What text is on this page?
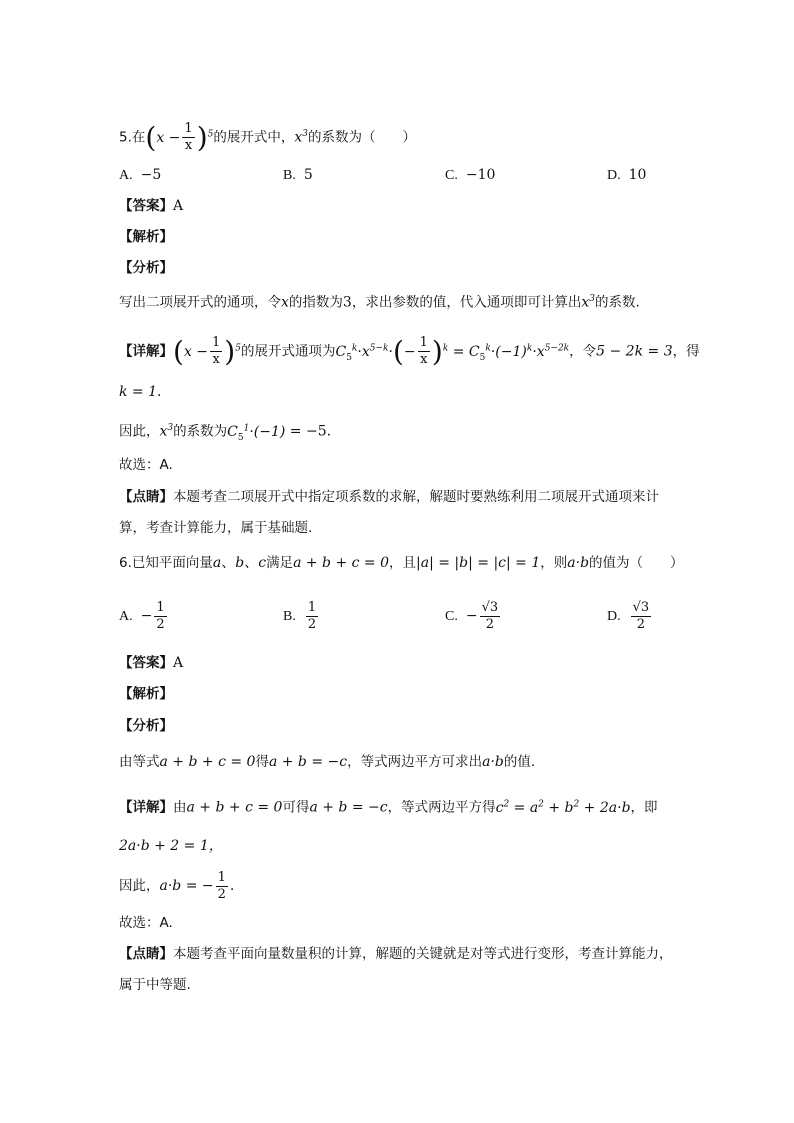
5.在$(x - \frac{1}{x} )^5$的展开式中，$x^3$的系数为（　　）
A. −5	B. 5	C. −10	D. 10
【答案】A
【解析】
【分析】
写出二项展开式的通项，令x的指数为3，求出参数的值，代入通项即可计算出$x^3$的系数.
【详解】$(x - \frac{1}{x} )^5$的展开式通项为$C_5^k\cdot x^{5-k}\cdot(- \frac{1}{x} )^k = C_5^k\cdot(-1)^k\cdot x^{5-2k}$，令5 − 2k = 3，得
k = 1.
因此，$x^3$的系数为$C_5^1\cdot(-1) = -5$.
故选：A.
【点睛】本题考查二项展开式中指定项系数的求解，解题时要熟练利用二项展开式通项来计
算，考查计算能力，属于基础题.
6.已知平面向量a、b、c满足a + b + c = 0，且|a| = |b| = |c| = 1，则a·b的值为（　　）
A. − $\frac{1}{2}$	B. $\frac{1}{2}$	C. − $\frac{√3}{2}$	D. $\frac{√3}{2}$
【答案】A
【解析】
【分析】
由等式a + b + c = 0得a + b = −c，等式两边平方可求出a·b的值.
【详解】由a + b + c = 0可得a + b = −c，等式两边平方得$c^2 = a^2 + b^2 + 2a\cdot b$，即
2a·b + 2 = 1，
因此，a·b = − $\frac{1}{2}$ .
故选：A.
【点睛】本题考查平面向量数量积的计算，解题的关键就是对等式进行变形，考查计算能力，
属于中等题.
